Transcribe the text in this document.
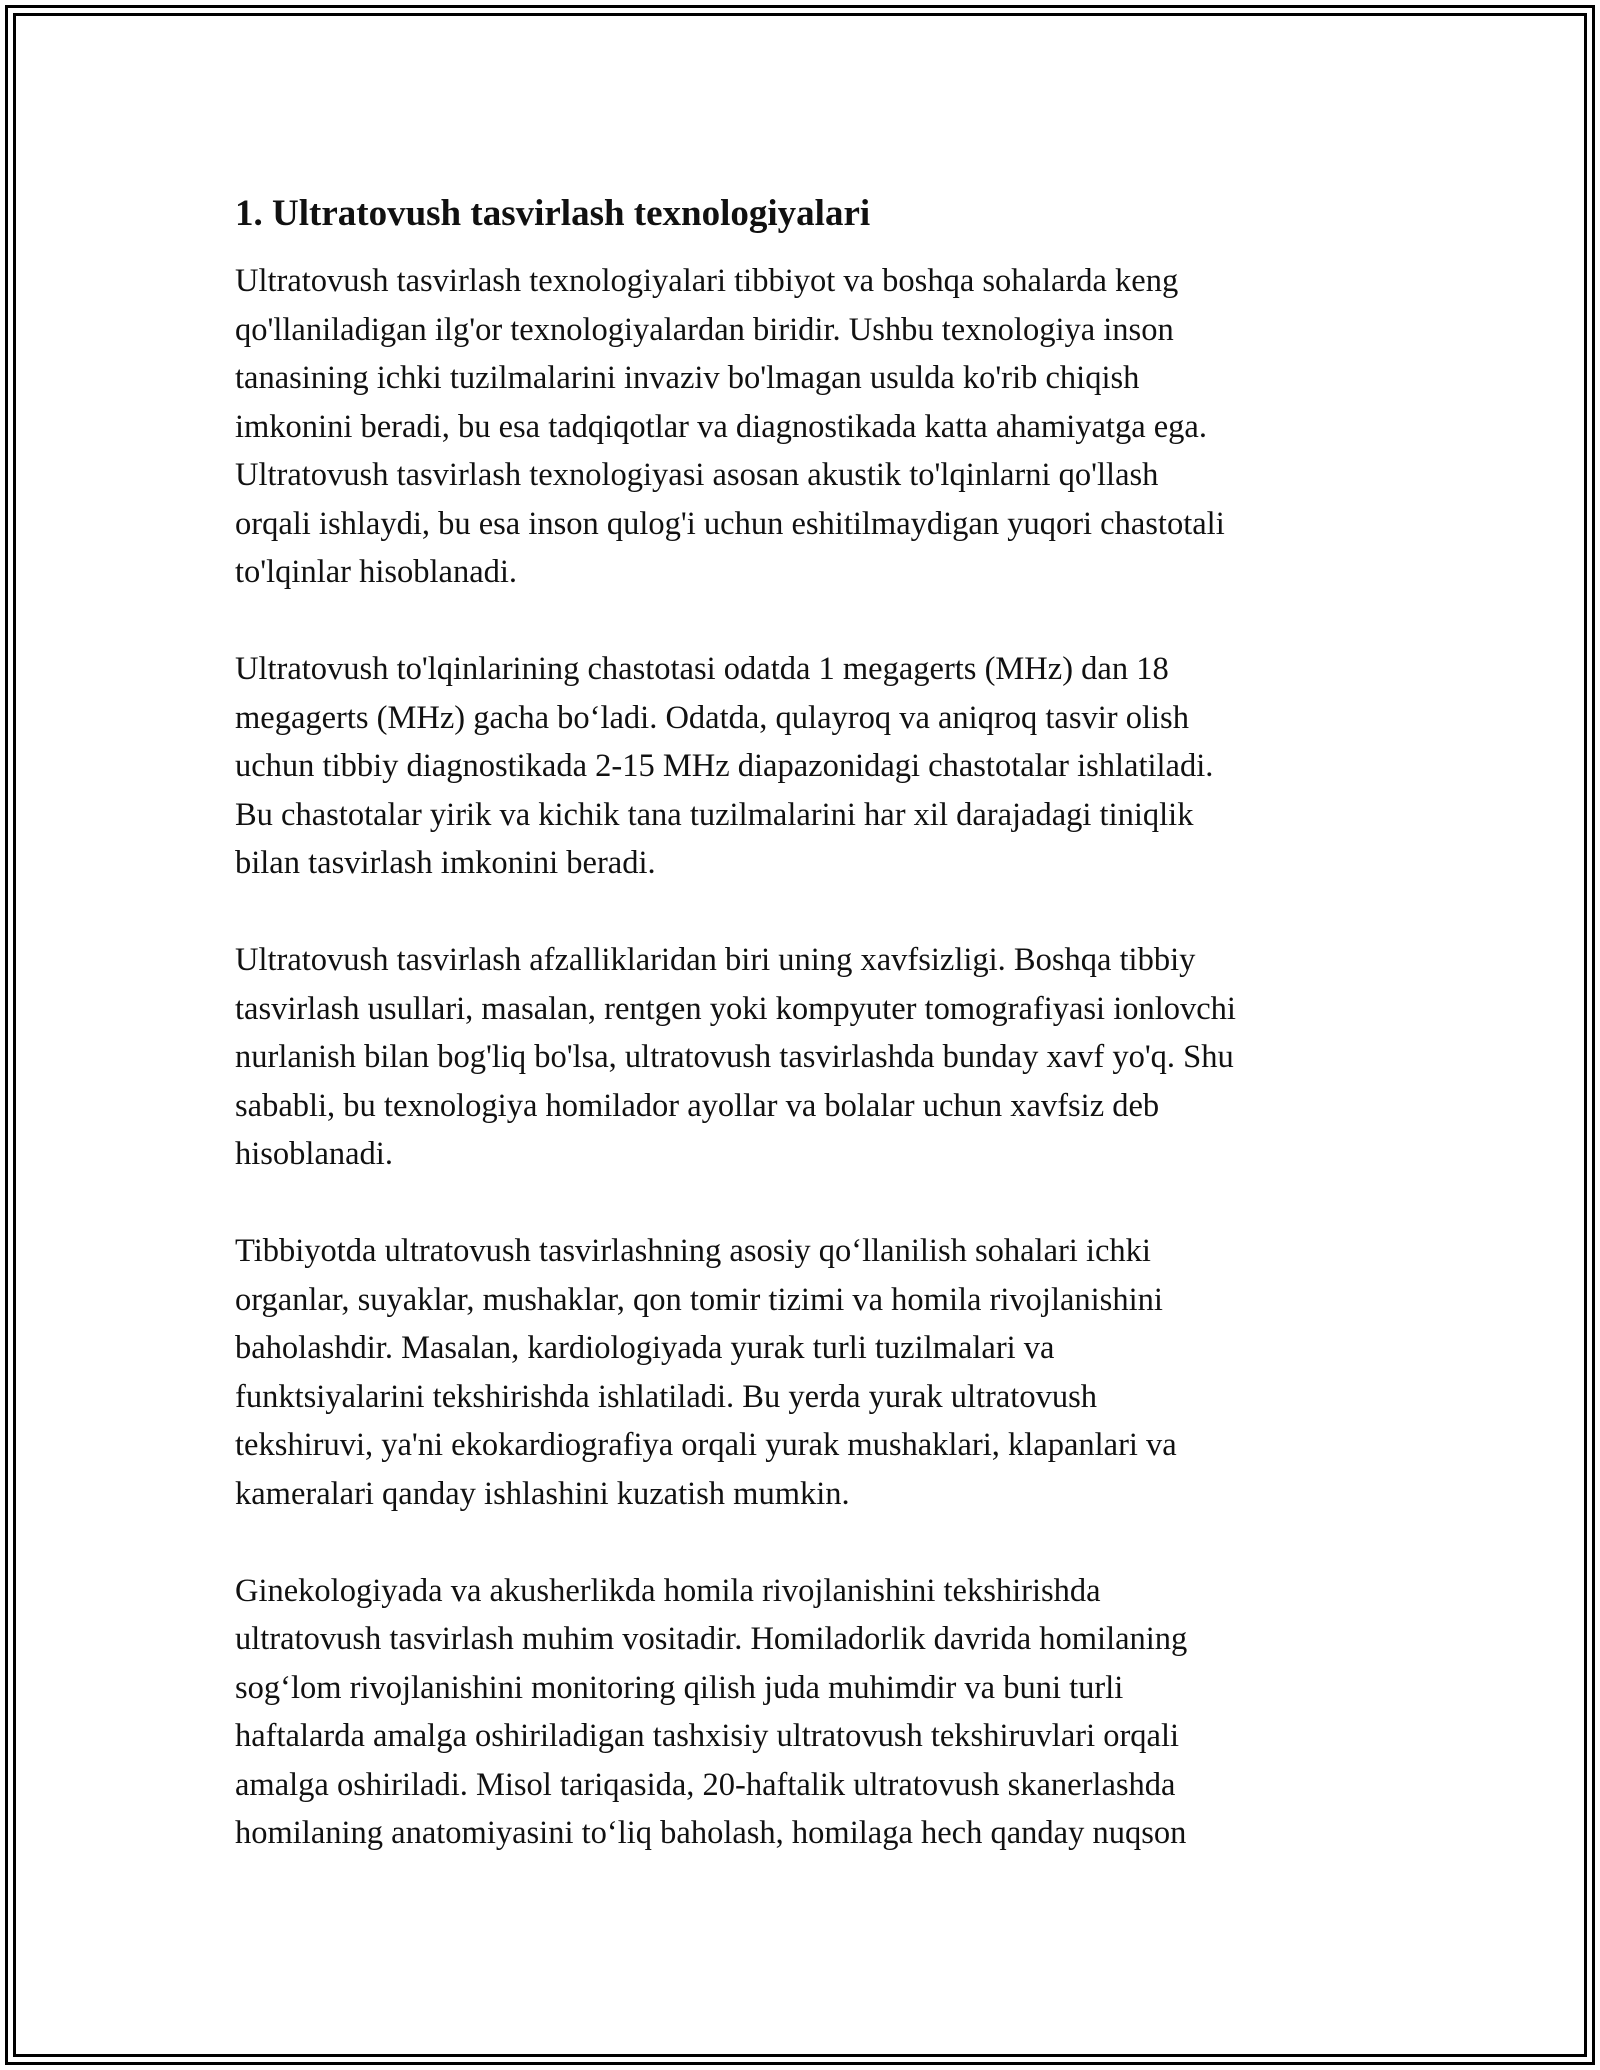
1. Ultratovush tasvirlash texnologiyalari

Ultratovush tasvirlash texnologiyalari tibbiyot va boshqa sohalarda keng
qo'llaniladigan ilg'or texnologiyalardan biridir. Ushbu texnologiya inson
tanasining ichki tuzilmalarini invaziv bo'lmagan usulda ko'rib chiqish
imkonini beradi, bu esa tadqiqotlar va diagnostikada katta ahamiyatga ega.
Ultratovush tasvirlash texnologiyasi asosan akustik to'lqinlarni qo'llash
orqali ishlaydi, bu esa inson qulog'i uchun eshitilmaydigan yuqori chastotali
to'lqinlar hisoblanadi.

Ultratovush to'lqinlarining chastotasi odatda 1 megagerts (MHz) dan 18
megagerts (MHz) gacha bo‘ladi. Odatda, qulayroq va aniqroq tasvir olish
uchun tibbiy diagnostikada 2-15 MHz diapazonidagi chastotalar ishlatiladi.
Bu chastotalar yirik va kichik tana tuzilmalarini har xil darajadagi tiniqlik
bilan tasvirlash imkonini beradi.

Ultratovush tasvirlash afzalliklaridan biri uning xavfsizligi. Boshqa tibbiy
tasvirlash usullari, masalan, rentgen yoki kompyuter tomografiyasi ionlovchi
nurlanish bilan bog'liq bo'lsa, ultratovush tasvirlashda bunday xavf yo'q. Shu
sababli, bu texnologiya homilador ayollar va bolalar uchun xavfsiz deb
hisoblanadi.

Tibbiyotda ultratovush tasvirlashning asosiy qo‘llanilish sohalari ichki
organlar, suyaklar, mushaklar, qon tomir tizimi va homila rivojlanishini
baholashdir. Masalan, kardiologiyada yurak turli tuzilmalari va
funktsiyalarini tekshirishda ishlatiladi. Bu yerda yurak ultratovush
tekshiruvi, ya'ni ekokardiografiya orqali yurak mushaklari, klapanlari va
kameralari qanday ishlashini kuzatish mumkin.

Ginekologiyada va akusherlikda homila rivojlanishini tekshirishda
ultratovush tasvirlash muhim vositadir. Homiladorlik davrida homilaning
sog‘lom rivojlanishini monitoring qilish juda muhimdir va buni turli
haftalarda amalga oshiriladigan tashxisiy ultratovush tekshiruvlari orqali
amalga oshiriladi. Misol tariqasida, 20-haftalik ultratovush skanerlashda
homilaning anatomiyasini to‘liq baholash, homilaga hech qanday nuqson
